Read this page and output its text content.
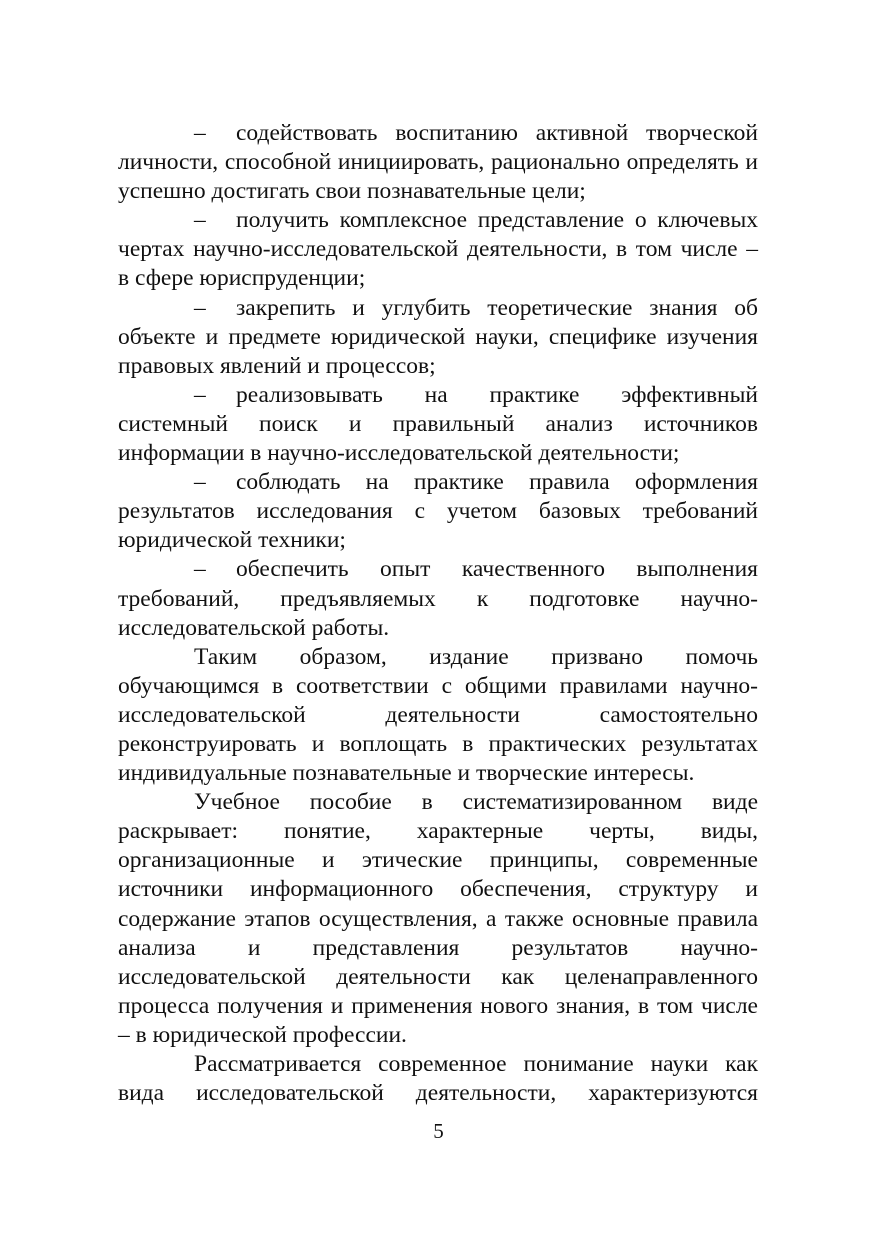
– содействовать воспитанию активной творческой личности, способной инициировать, рационально определять и успешно достигать свои познавательные цели;

– получить комплексное представление о ключевых чертах научно-исследовательской деятельности, в том числе – в сфере юриспруденции;

– закрепить и углубить теоретические знания об объекте и предмете юридической науки, специфике изучения правовых явлений и процессов;

– реализовывать на практике эффективный системный поиск и правильный анализ источников информации в научно-исследовательской деятельности;

– соблюдать на практике правила оформления результатов исследования с учетом базовых требований юридической техники;

– обеспечить опыт качественного выполнения требований, предъявляемых к подготовке научно-исследовательской работы.

Таким образом, издание призвано помочь обучающимся в соответствии с общими правилами научно-исследовательской деятельности самостоятельно реконструировать и воплощать в практических результатах индивидуальные познавательные и творческие интересы.

Учебное пособие в систематизированном виде раскрывает: понятие, характерные черты, виды, организационные и этические принципы, современные источники информационного обеспечения, структуру и содержание этапов осуществления, а также основные правила анализа и представления результатов научно-исследовательской деятельности как целенаправленного процесса получения и применения нового знания, в том числе – в юридической профессии.

Рассматривается современное понимание науки как вида исследовательской деятельности, характеризуются

5
